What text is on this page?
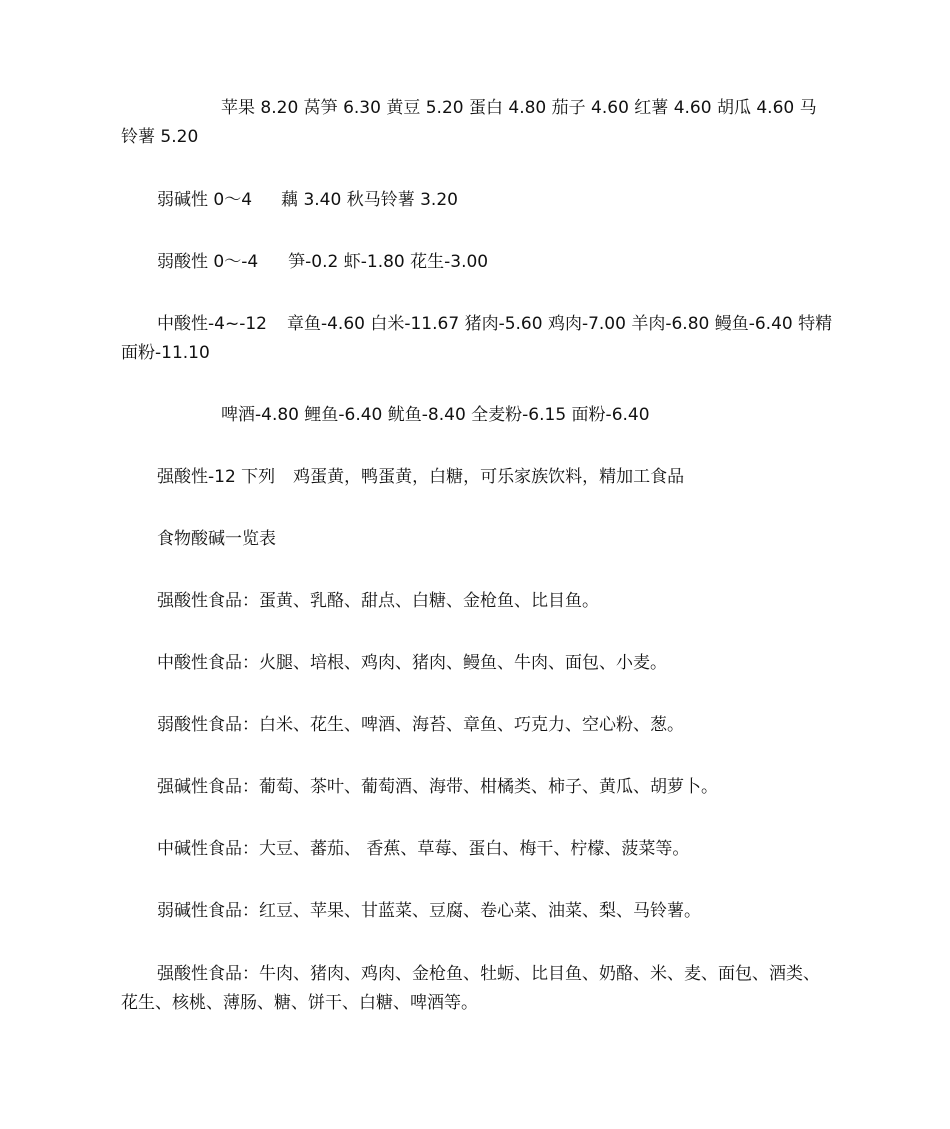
苹果 8.20 莴笋 6.30 黄豆 5.20 蛋白 4.80 茄子 4.60 红薯 4.60 胡瓜 4.60 马铃薯 5.20
弱碱性 0～4 藕 3.40 秋马铃薯 3.20
弱酸性 0～-4 笋-0.2 虾-1.80 花生-3.00
中酸性-4~-12 章鱼-4.60 白米-11.67 猪肉-5.60 鸡肉-7.00 羊肉-6.80 鳗鱼-6.40 特精面粉-11.10
啤酒-4.80 鲤鱼-6.40 鱿鱼-8.40 全麦粉-6.15 面粉-6.40
强酸性-12 下列 鸡蛋黄，鸭蛋黄，白糖，可乐家族饮料，精加工食品
食物酸碱一览表
强酸性食品：蛋黄、乳酪、甜点、白糖、金枪鱼、比目鱼。
中酸性食品：火腿、培根、鸡肉、猪肉、鳗鱼、牛肉、面包、小麦。
弱酸性食品：白米、花生、啤酒、海苔、章鱼、巧克力、空心粉、葱。
强碱性食品：葡萄、茶叶、葡萄酒、海带、柑橘类、柿子、黄瓜、胡萝卜。
中碱性食品：大豆、蕃茄、 香蕉、草莓、蛋白、梅干、柠檬、菠菜等。
弱碱性食品：红豆、苹果、甘蓝菜、豆腐、卷心菜、油菜、梨、马铃薯。
强酸性食品：牛肉、猪肉、鸡肉、金枪鱼、牡蛎、比目鱼、奶酪、米、麦、面包、酒类、花生、核桃、薄肠、糖、饼干、白糖、啤酒等。
